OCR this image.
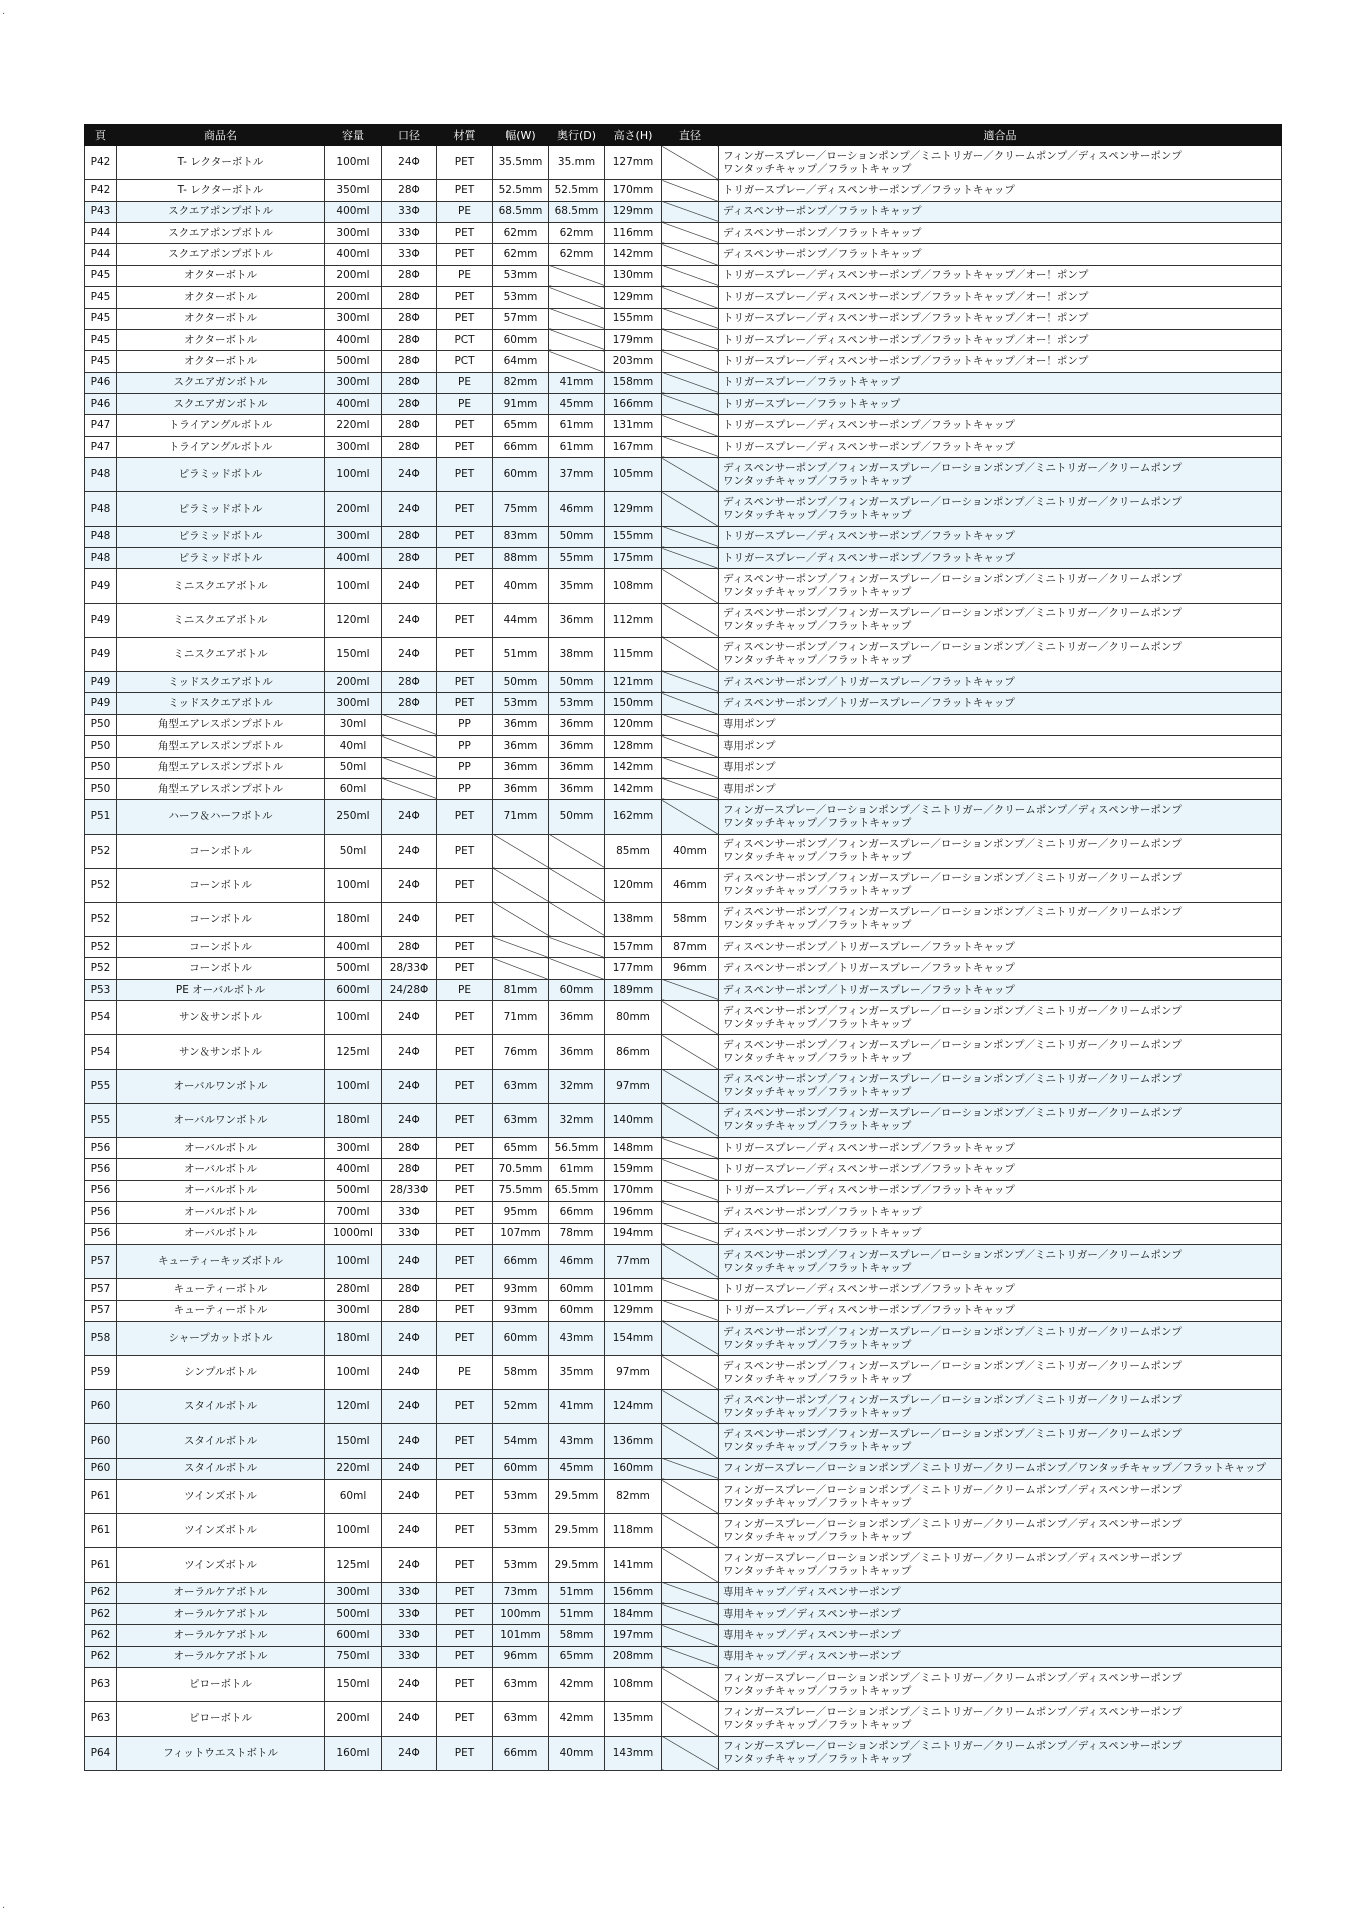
.
.
頁	商品名	容量	口径	材質	幅(W)	奥行(D)	高さ(H)	直径	適合品
P42	T- レクターボトル	100ml	24Φ	PET	35.5mm	35.mm	127mm		フィンガースプレー／ローションポンプ／ミニトリガー／クリームポンプ／ディスペンサーポンプ
ワンタッチキャップ／フラットキャップ
P42	T- レクターボトル	350ml	28Φ	PET	52.5mm	52.5mm	170mm		トリガースプレー／ディスペンサーポンプ／フラットキャップ
P43	スクエアポンプボトル	400ml	33Φ	PE	68.5mm	68.5mm	129mm		ディスペンサーポンプ／フラットキャップ
P44	スクエアポンプボトル	300ml	33Φ	PET	62mm	62mm	116mm		ディスペンサーポンプ／フラットキャップ
P44	スクエアポンプボトル	400ml	33Φ	PET	62mm	62mm	142mm		ディスペンサーポンプ／フラットキャップ
P45	オクターボトル	200ml	28Φ	PE	53mm		130mm		トリガースプレー／ディスペンサーポンプ／フラットキャップ／オー！ポンプ
P45	オクターボトル	200ml	28Φ	PET	53mm		129mm		トリガースプレー／ディスペンサーポンプ／フラットキャップ／オー！ポンプ
P45	オクターボトル	300ml	28Φ	PET	57mm		155mm		トリガースプレー／ディスペンサーポンプ／フラットキャップ／オー！ポンプ
P45	オクターボトル	400ml	28Φ	PCT	60mm		179mm		トリガースプレー／ディスペンサーポンプ／フラットキャップ／オー！ポンプ
P45	オクターボトル	500ml	28Φ	PCT	64mm		203mm		トリガースプレー／ディスペンサーポンプ／フラットキャップ／オー！ポンプ
P46	スクエアガンボトル	300ml	28Φ	PE	82mm	41mm	158mm		トリガースプレー／フラットキャップ
P46	スクエアガンボトル	400ml	28Φ	PE	91mm	45mm	166mm		トリガースプレー／フラットキャップ
P47	トライアングルボトル	220ml	28Φ	PET	65mm	61mm	131mm		トリガースプレー／ディスペンサーポンプ／フラットキャップ
P47	トライアングルボトル	300ml	28Φ	PET	66mm	61mm	167mm		トリガースプレー／ディスペンサーポンプ／フラットキャップ
P48	ピラミッドボトル	100ml	24Φ	PET	60mm	37mm	105mm		ディスペンサーポンプ／フィンガースプレー／ローションポンプ／ミニトリガー／クリームポンプ
ワンタッチキャップ／フラットキャップ
P48	ピラミッドボトル	200ml	24Φ	PET	75mm	46mm	129mm		ディスペンサーポンプ／フィンガースプレー／ローションポンプ／ミニトリガー／クリームポンプ
ワンタッチキャップ／フラットキャップ
P48	ピラミッドボトル	300ml	28Φ	PET	83mm	50mm	155mm		トリガースプレー／ディスペンサーポンプ／フラットキャップ
P48	ピラミッドボトル	400ml	28Φ	PET	88mm	55mm	175mm		トリガースプレー／ディスペンサーポンプ／フラットキャップ
P49	ミニスクエアボトル	100ml	24Φ	PET	40mm	35mm	108mm		ディスペンサーポンプ／フィンガースプレー／ローションポンプ／ミニトリガー／クリームポンプ
ワンタッチキャップ／フラットキャップ
P49	ミニスクエアボトル	120ml	24Φ	PET	44mm	36mm	112mm		ディスペンサーポンプ／フィンガースプレー／ローションポンプ／ミニトリガー／クリームポンプ
ワンタッチキャップ／フラットキャップ
P49	ミニスクエアボトル	150ml	24Φ	PET	51mm	38mm	115mm		ディスペンサーポンプ／フィンガースプレー／ローションポンプ／ミニトリガー／クリームポンプ
ワンタッチキャップ／フラットキャップ
P49	ミッドスクエアボトル	200ml	28Φ	PET	50mm	50mm	121mm		ディスペンサーポンプ／トリガースプレー／フラットキャップ
P49	ミッドスクエアボトル	300ml	28Φ	PET	53mm	53mm	150mm		ディスペンサーポンプ／トリガースプレー／フラットキャップ
P50	角型エアレスポンプボトル	30ml		PP	36mm	36mm	120mm		専用ポンプ
P50	角型エアレスポンプボトル	40ml		PP	36mm	36mm	128mm		専用ポンプ
P50	角型エアレスポンプボトル	50ml		PP	36mm	36mm	142mm		専用ポンプ
P50	角型エアレスポンプボトル	60ml		PP	36mm	36mm	142mm		専用ポンプ
P51	ハーフ＆ハーフボトル	250ml	24Φ	PET	71mm	50mm	162mm		フィンガースプレー／ローションポンプ／ミニトリガー／クリームポンプ／ディスペンサーポンプ
ワンタッチキャップ／フラットキャップ
P52	コーンボトル	50ml	24Φ	PET			85mm	40mm	ディスペンサーポンプ／フィンガースプレー／ローションポンプ／ミニトリガー／クリームポンプ
ワンタッチキャップ／フラットキャップ
P52	コーンボトル	100ml	24Φ	PET			120mm	46mm	ディスペンサーポンプ／フィンガースプレー／ローションポンプ／ミニトリガー／クリームポンプ
ワンタッチキャップ／フラットキャップ
P52	コーンボトル	180ml	24Φ	PET			138mm	58mm	ディスペンサーポンプ／フィンガースプレー／ローションポンプ／ミニトリガー／クリームポンプ
ワンタッチキャップ／フラットキャップ
P52	コーンボトル	400ml	28Φ	PET			157mm	87mm	ディスペンサーポンプ／トリガースプレー／フラットキャップ
P52	コーンボトル	500ml	28/33Φ	PET			177mm	96mm	ディスペンサーポンプ／トリガースプレー／フラットキャップ
P53	PE オーバルボトル	600ml	24/28Φ	PE	81mm	60mm	189mm		ディスペンサーポンプ／トリガースプレー／フラットキャップ
P54	サン＆サンボトル	100ml	24Φ	PET	71mm	36mm	80mm		ディスペンサーポンプ／フィンガースプレー／ローションポンプ／ミニトリガー／クリームポンプ
ワンタッチキャップ／フラットキャップ
P54	サン＆サンボトル	125ml	24Φ	PET	76mm	36mm	86mm		ディスペンサーポンプ／フィンガースプレー／ローションポンプ／ミニトリガー／クリームポンプ
ワンタッチキャップ／フラットキャップ
P55	オーバルワンボトル	100ml	24Φ	PET	63mm	32mm	97mm		ディスペンサーポンプ／フィンガースプレー／ローションポンプ／ミニトリガー／クリームポンプ
ワンタッチキャップ／フラットキャップ
P55	オーバルワンボトル	180ml	24Φ	PET	63mm	32mm	140mm		ディスペンサーポンプ／フィンガースプレー／ローションポンプ／ミニトリガー／クリームポンプ
ワンタッチキャップ／フラットキャップ
P56	オーバルボトル	300ml	28Φ	PET	65mm	56.5mm	148mm		トリガースプレー／ディスペンサーポンプ／フラットキャップ
P56	オーバルボトル	400ml	28Φ	PET	70.5mm	61mm	159mm		トリガースプレー／ディスペンサーポンプ／フラットキャップ
P56	オーバルボトル	500ml	28/33Φ	PET	75.5mm	65.5mm	170mm		トリガースプレー／ディスペンサーポンプ／フラットキャップ
P56	オーバルボトル	700ml	33Φ	PET	95mm	66mm	196mm		ディスペンサーポンプ／フラットキャップ
P56	オーバルボトル	1000ml	33Φ	PET	107mm	78mm	194mm		ディスペンサーポンプ／フラットキャップ
P57	キューティーキッズボトル	100ml	24Φ	PET	66mm	46mm	77mm		ディスペンサーポンプ／フィンガースプレー／ローションポンプ／ミニトリガー／クリームポンプ
ワンタッチキャップ／フラットキャップ
P57	キューティーボトル	280ml	28Φ	PET	93mm	60mm	101mm		トリガースプレー／ディスペンサーポンプ／フラットキャップ
P57	キューティーボトル	300ml	28Φ	PET	93mm	60mm	129mm		トリガースプレー／ディスペンサーポンプ／フラットキャップ
P58	シャープカットボトル	180ml	24Φ	PET	60mm	43mm	154mm		ディスペンサーポンプ／フィンガースプレー／ローションポンプ／ミニトリガー／クリームポンプ
ワンタッチキャップ／フラットキャップ
P59	シンプルボトル	100ml	24Φ	PE	58mm	35mm	97mm		ディスペンサーポンプ／フィンガースプレー／ローションポンプ／ミニトリガー／クリームポンプ
ワンタッチキャップ／フラットキャップ
P60	スタイルボトル	120ml	24Φ	PET	52mm	41mm	124mm		ディスペンサーポンプ／フィンガースプレー／ローションポンプ／ミニトリガー／クリームポンプ
ワンタッチキャップ／フラットキャップ
P60	スタイルボトル	150ml	24Φ	PET	54mm	43mm	136mm		ディスペンサーポンプ／フィンガースプレー／ローションポンプ／ミニトリガー／クリームポンプ
ワンタッチキャップ／フラットキャップ
P60	スタイルボトル	220ml	24Φ	PET	60mm	45mm	160mm		フィンガースプレー／ローションポンプ／ミニトリガー／クリームポンプ／ワンタッチキャップ／フラットキャップ
P61	ツインズボトル	60ml	24Φ	PET	53mm	29.5mm	82mm		フィンガースプレー／ローションポンプ／ミニトリガー／クリームポンプ／ディスペンサーポンプ
ワンタッチキャップ／フラットキャップ
P61	ツインズボトル	100ml	24Φ	PET	53mm	29.5mm	118mm		フィンガースプレー／ローションポンプ／ミニトリガー／クリームポンプ／ディスペンサーポンプ
ワンタッチキャップ／フラットキャップ
P61	ツインズボトル	125ml	24Φ	PET	53mm	29.5mm	141mm		フィンガースプレー／ローションポンプ／ミニトリガー／クリームポンプ／ディスペンサーポンプ
ワンタッチキャップ／フラットキャップ
P62	オーラルケアボトル	300ml	33Φ	PET	73mm	51mm	156mm		専用キャップ／ディスペンサーポンプ
P62	オーラルケアボトル	500ml	33Φ	PET	100mm	51mm	184mm		専用キャップ／ディスペンサーポンプ
P62	オーラルケアボトル	600ml	33Φ	PET	101mm	58mm	197mm		専用キャップ／ディスペンサーポンプ
P62	オーラルケアボトル	750ml	33Φ	PET	96mm	65mm	208mm		専用キャップ／ディスペンサーポンプ
P63	ピローボトル	150ml	24Φ	PET	63mm	42mm	108mm		フィンガースプレー／ローションポンプ／ミニトリガー／クリームポンプ／ディスペンサーポンプ
ワンタッチキャップ／フラットキャップ
P63	ピローボトル	200ml	24Φ	PET	63mm	42mm	135mm		フィンガースプレー／ローションポンプ／ミニトリガー／クリームポンプ／ディスペンサーポンプ
ワンタッチキャップ／フラットキャップ
P64	フィットウエストボトル	160ml	24Φ	PET	66mm	40mm	143mm		フィンガースプレー／ローションポンプ／ミニトリガー／クリームポンプ／ディスペンサーポンプ
ワンタッチキャップ／フラットキャップ
